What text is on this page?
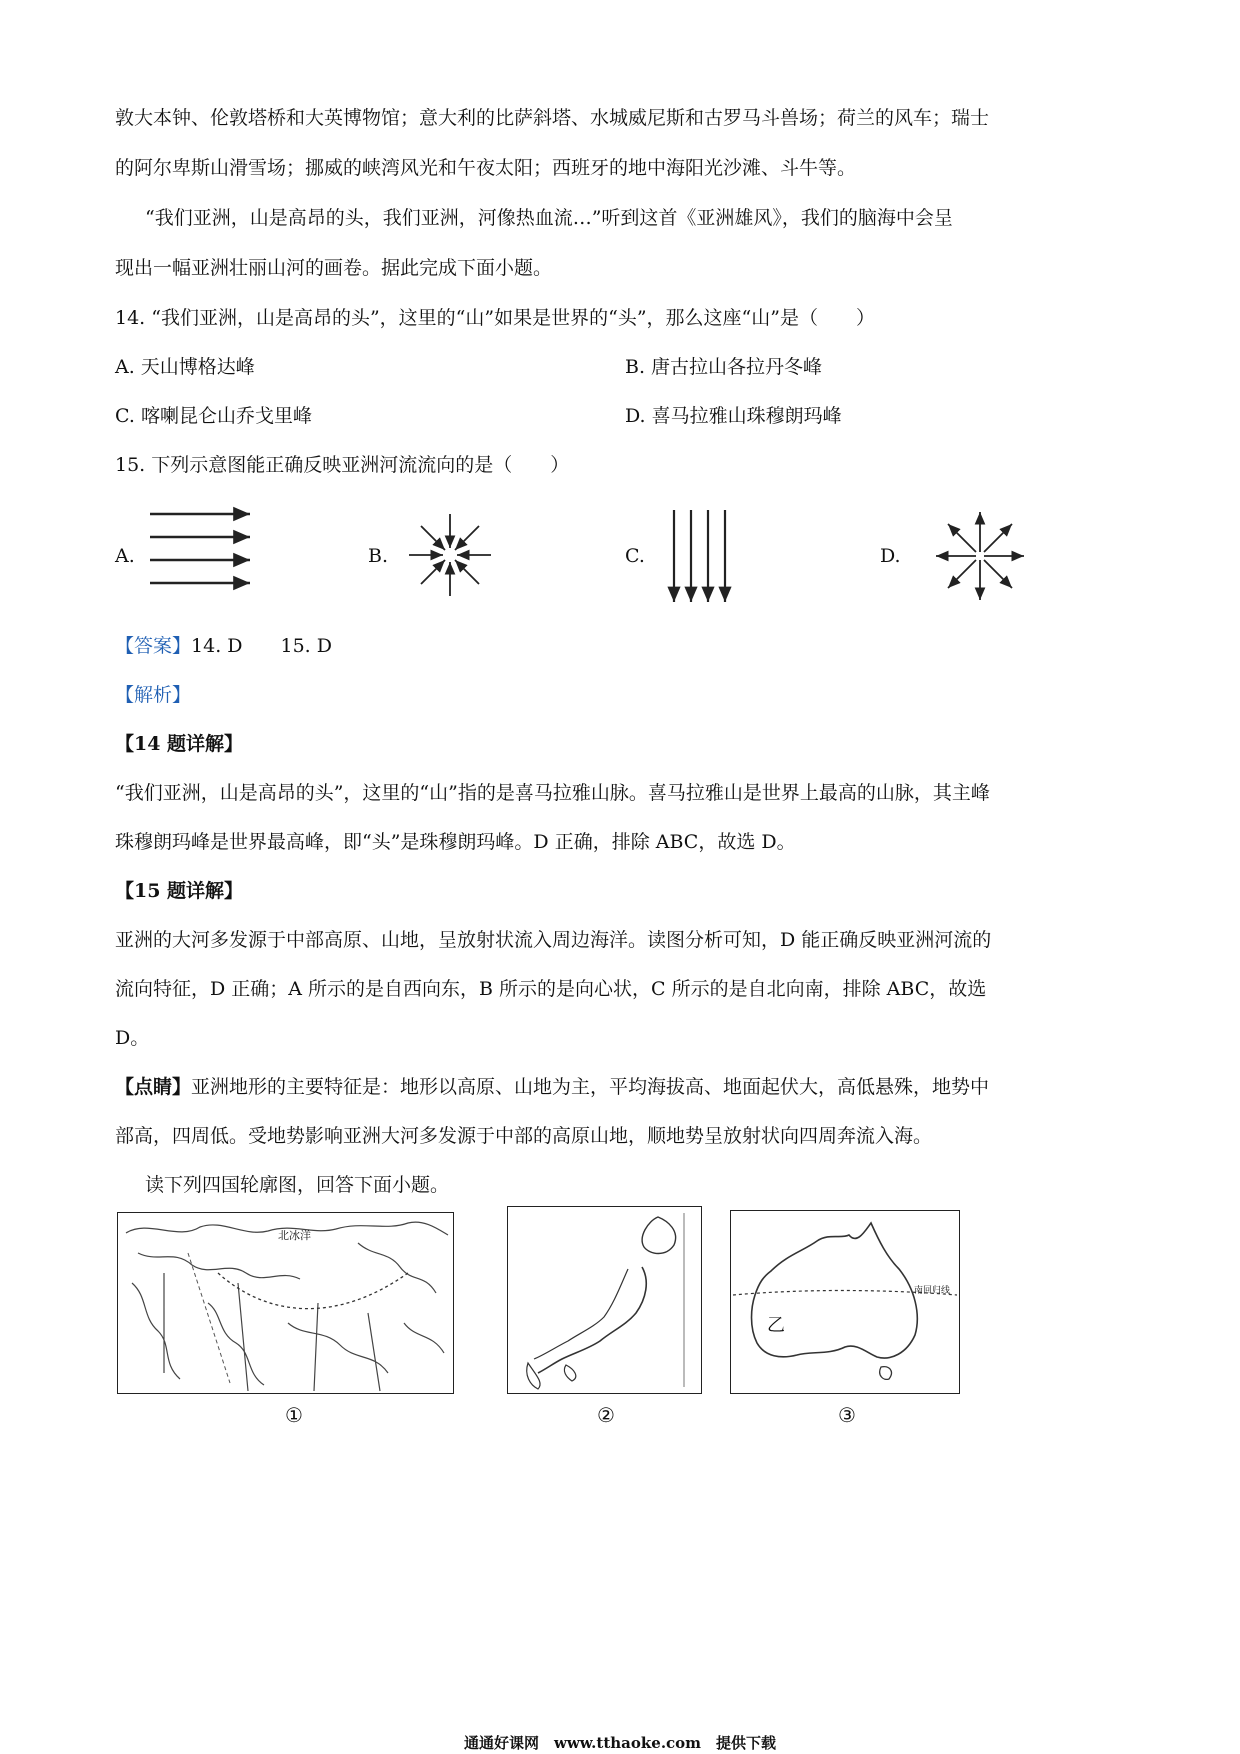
敦大本钟、伦敦塔桥和大英博物馆；意大利的比萨斜塔、水城威尼斯和古罗马斗兽场；荷兰的风车；瑞士
的阿尔卑斯山滑雪场；挪威的峡湾风光和午夜太阳；西班牙的地中海阳光沙滩、斗牛等。
“我们亚洲，山是高昂的头，我们亚洲，河像热血流…”听到这首《亚洲雄风》，我们的脑海中会呈
现出一幅亚洲壮丽山河的画卷。据此完成下面小题。
14. “我们亚洲，山是高昂的头”，这里的“山”如果是世界的“头”，那么这座“山”是（　　）
A. 天山博格达峰	B. 唐古拉山各拉丹冬峰
C. 喀喇昆仑山乔戈里峰	D. 喜马拉雅山珠穆朗玛峰
15. 下列示意图能正确反映亚洲河流流向的是（　　）
A.	B.	C.	D.
【答案】14. D　　15. D
【解析】
【14 题详解】
“我们亚洲，山是高昂的头”，这里的“山”指的是喜马拉雅山脉。喜马拉雅山是世界上最高的山脉，其主峰
珠穆朗玛峰是世界最高峰，即“头”是珠穆朗玛峰。D 正确，排除 ABC，故选 D。
【15 题详解】
亚洲的大河多发源于中部高原、山地，呈放射状流入周边海洋。读图分析可知，D 能正确反映亚洲河流的
流向特征，D 正确；A 所示的是自西向东，B 所示的是向心状，C 所示的是自北向南，排除 ABC，故选
D。
【点睛】亚洲地形的主要特征是：地形以高原、山地为主，平均海拔高、地面起伏大，高低悬殊，地势中
部高，四周低。受地势影响亚洲大河多发源于中部的高原山地，顺地势呈放射状向四周奔流入海。
读下列四国轮廓图，回答下面小题。
北冰洋
①	②
南回归线
乙
③
通通好课网　www.tthaoke.com　提供下载
